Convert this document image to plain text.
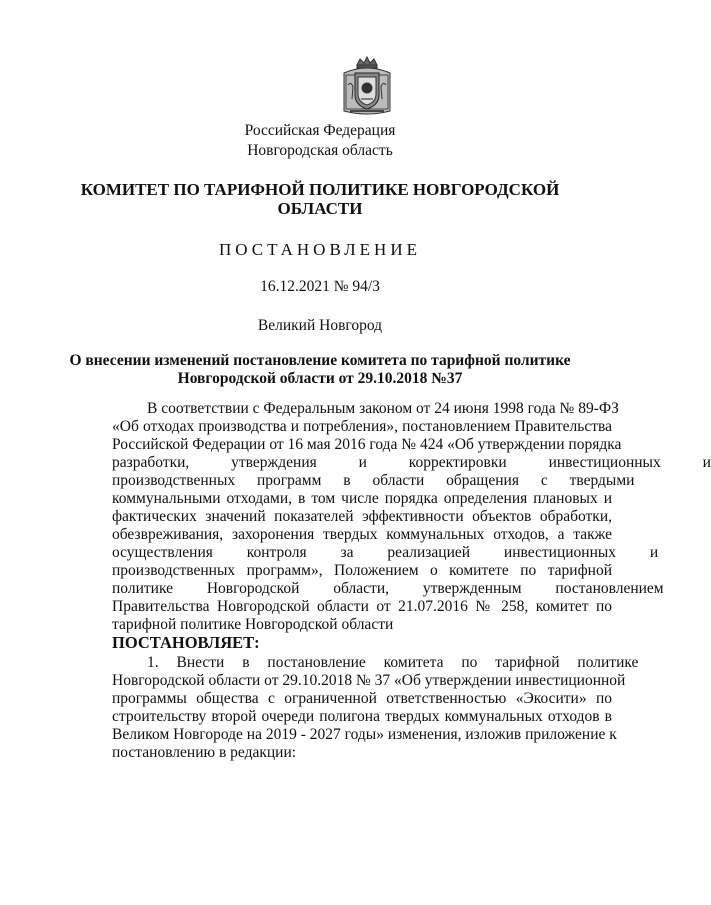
Российская Федерация
Новгородская область
КОМИТЕТ ПО ТАРИФНОЙ ПОЛИТИКЕ НОВГОРОДСКОЙ
ОБЛАСТИ
ПОСТАНОВЛЕНИЕ
16.12.2021 № 94/3
Великий Новгород
О внесении изменений постановление комитета по тарифной политике
Новгородской области от 29.10.2018 №37
В соответствии с Федеральным законом от 24 июня 1998 года № 89-ФЗ
«Об отходах производства и потребления», постановлением Правительства
Российской Федерации от 16 мая 2016 года № 424 «Об утверждении порядка
разработки, утверждения и корректировки инвестиционных и
производственных программ в области обращения с твердыми
коммунальными отходами, в том числе порядка определения плановых и
фактических значений показателей эффективности объектов обработки,
обезвреживания, захоронения твердых коммунальных отходов, а также
осуществления контроля за реализацией инвестиционных и
производственных программ», Положением о комитете по тарифной
политике Новгородской области, утвержденным постановлением
Правительства Новгородской области от 21.07.2016 № 258, комитет по
тарифной политике Новгородской области
ПОСТАНОВЛЯЕТ:
1. Внести в постановление комитета по тарифной политике
Новгородской области от 29.10.2018 № 37 «Об утверждении инвестиционной
программы общества с ограниченной ответственностью «Экосити» по
строительству второй очереди полигона твердых коммунальных отходов в
Великом Новгороде на 2019 - 2027 годы» изменения, изложив приложение к
постановлению в редакции:
